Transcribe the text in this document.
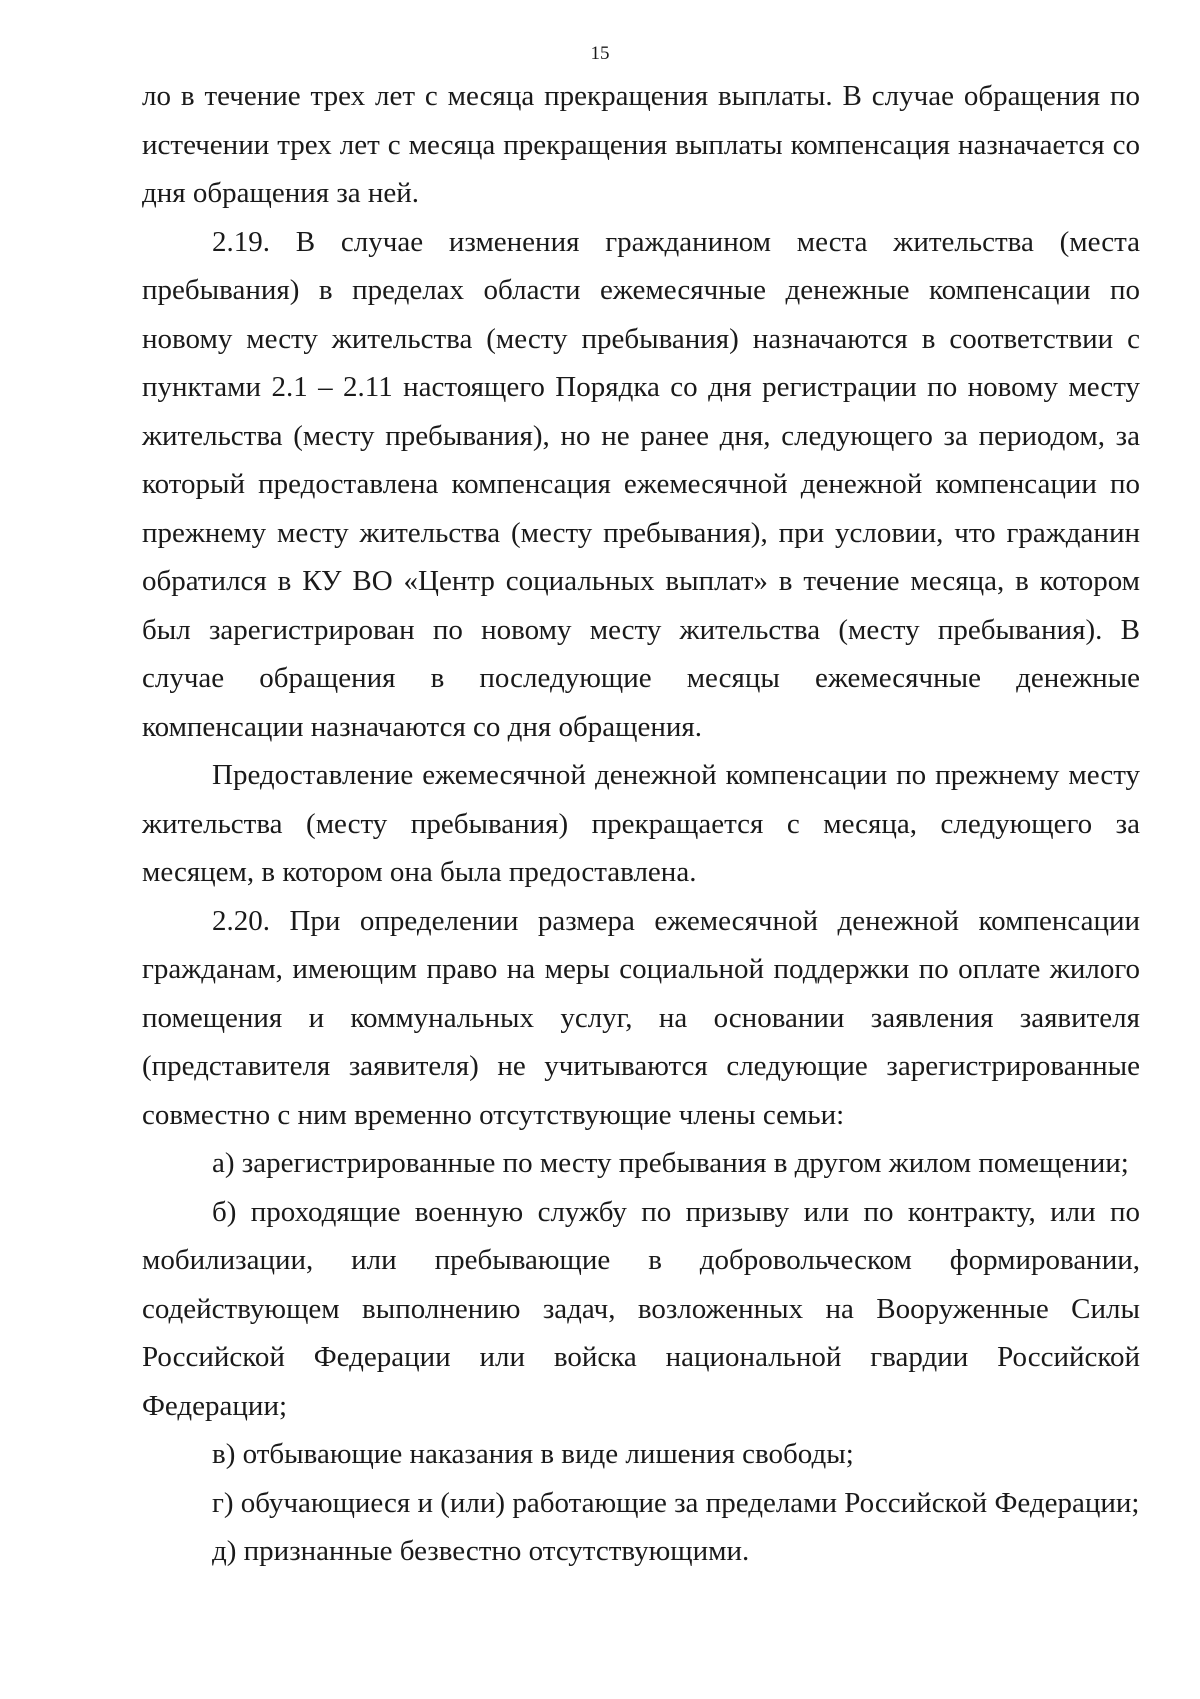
15

ло в течение трех лет с месяца прекращения выплаты. В случае обращения по истечении трех лет с месяца прекращения выплаты компенсация назначается со дня обращения за ней.

2.19. В случае изменения гражданином места жительства (места пребывания) в пределах области ежемесячные денежные компенсации по новому месту жительства (месту пребывания) назначаются в соответствии с пунктами 2.1 – 2.11 настоящего Порядка со дня регистрации по новому месту жительства (месту пребывания), но не ранее дня, следующего за периодом, за который предоставлена компенсация ежемесячной денежной компенсации по прежнему месту жительства (месту пребывания), при условии, что гражданин обратился в КУ ВО «Центр социальных выплат» в течение месяца, в котором был зарегистрирован по новому месту жительства (месту пребывания). В случае обращения в последующие месяцы ежемесячные денежные компенсации назначаются со дня обращения.

Предоставление ежемесячной денежной компенсации по прежнему месту жительства (месту пребывания) прекращается с месяца, следующего за месяцем, в котором она была предоставлена.

2.20. При определении размера ежемесячной денежной компенсации гражданам, имеющим право на меры социальной поддержки по оплате жилого помещения и коммунальных услуг, на основании заявления заявителя (представителя заявителя) не учитываются следующие зарегистрированные совместно с ним временно отсутствующие члены семьи:

а) зарегистрированные по месту пребывания в другом жилом помещении;

б) проходящие военную службу по призыву или по контракту, или по мобилизации, или пребывающие в добровольческом формировании, содействующем выполнению задач, возложенных на Вооруженные Силы Российской Федерации или войска национальной гвардии Российской Федерации;

в) отбывающие наказания в виде лишения свободы;

г) обучающиеся и (или) работающие за пределами Российской Федерации;

д) признанные безвестно отсутствующими.
